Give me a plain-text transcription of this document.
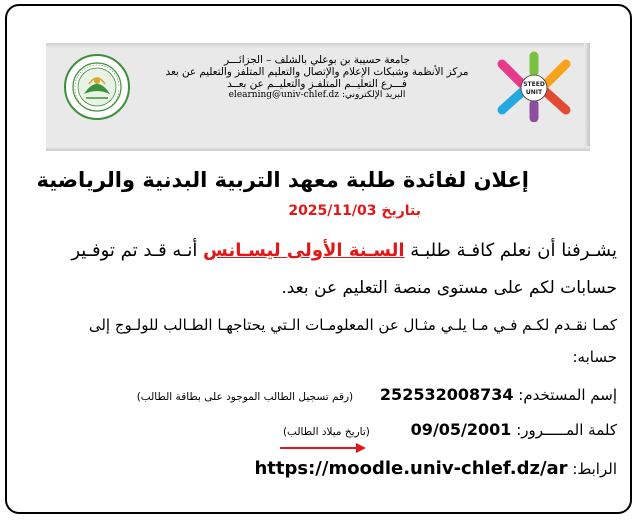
STEED
UNIT
جامعة حسيبة بن بوعلي بالشلف – الجزائـــر
مركز الأنظمة وشبكات الإعلام والإتصال والتعليم المتلفز والتعليم عن بعد
فـــرع التعليــم المتلفـز والتعليــم عن بعــد
البريد الإلكتروني: elearning@univ-chlef.dz
إعلان لفائدة طلبة معهد التربية البدنية والرياضية
بتاريخ 2025/11/03
يشـرفنا أن نعلم كافـة طلبـة السـنة الأولى ليسـانس أنـه قـد تم توفـير
حسابات لكم على مستوى منصة التعليم عن بعد.
كمـا نقـدم لكـم فـي مـا يلـي مثـال عن المعلومـات الـتي يحتاجهـا الطـالب للولـوج إلى
حسابه:
إسم المستخدم: 252532008734 (رقم تسجيل الطالب الموجود على بطاقة الطالب)
كلمة المـــــرور: 09/05/2001 (تاريخ ميلاد الطالب)
الرابط: https://moodle.univ-chlef.dz/ar
